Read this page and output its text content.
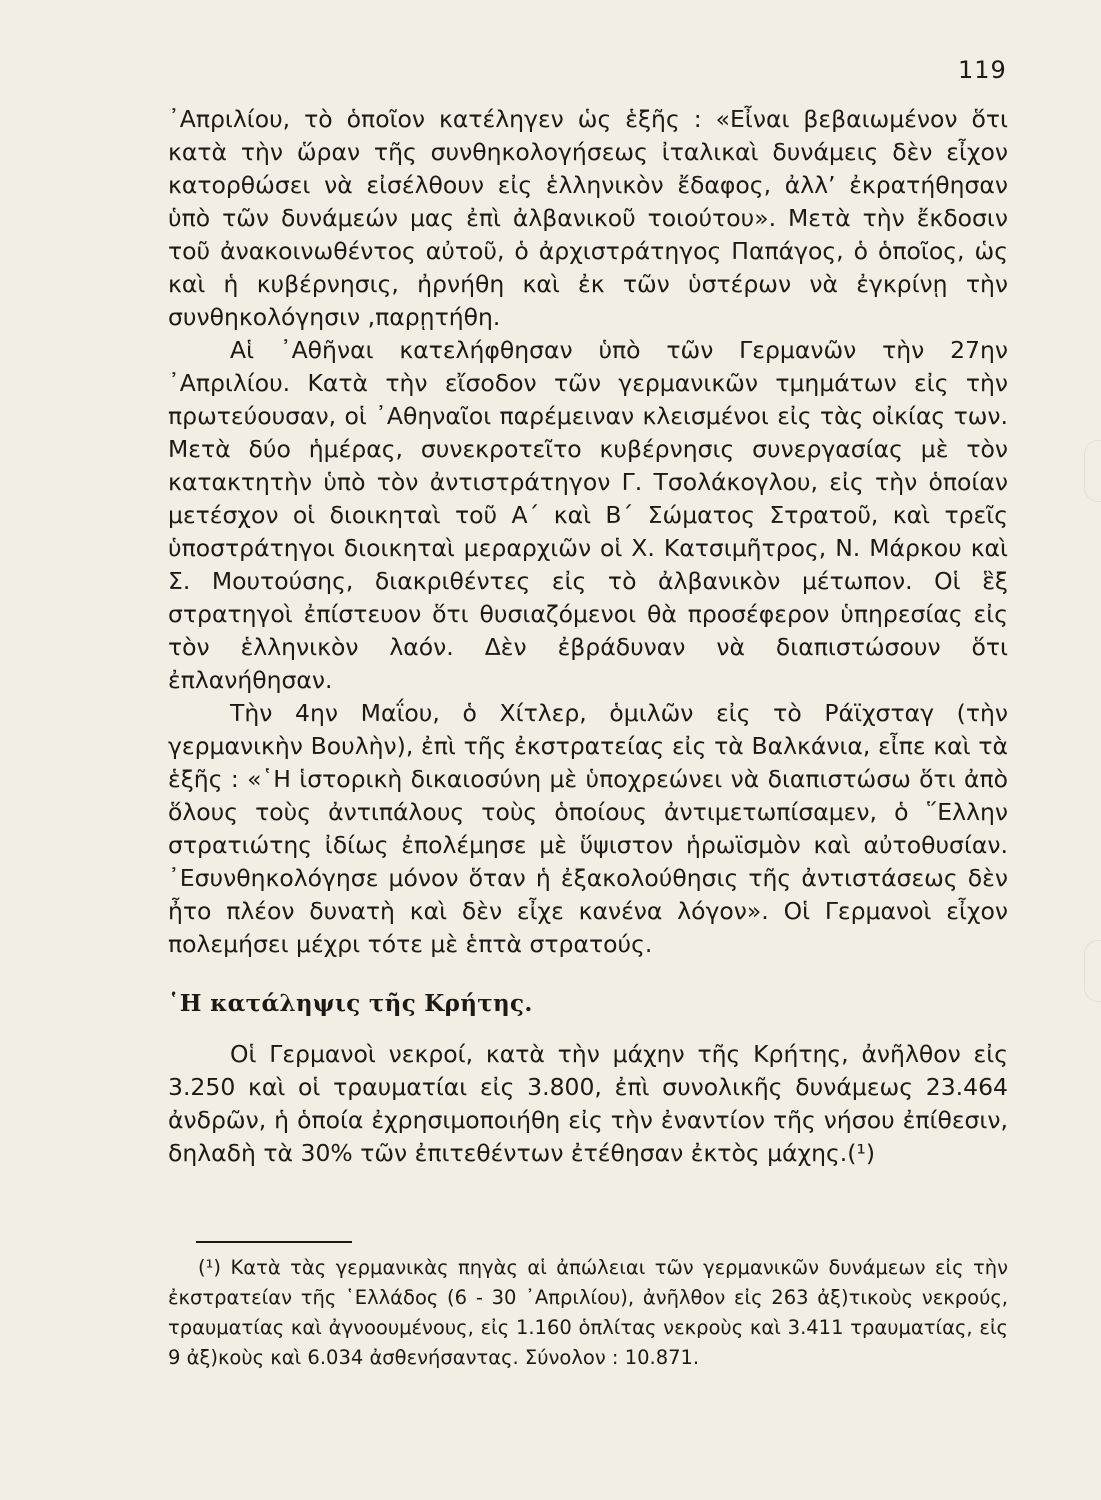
119

᾿Απριλίου, τὸ ὁποῖον κατέληγεν ὡς ἑξῆς : «Εἶναι βεβαιωμένον ὅτι κατὰ τὴν ὥραν τῆς συνθηκολογήσεως ἰταλικαὶ δυνάμεις δὲν εἶχον κατορθώσει νὰ εἰσέλθουν εἰς ἑλληνικὸν ἔδαφος, ἀλλ’ ἐκρατήθησαν ὑπὸ τῶν δυνάμεών μας ἐπὶ ἀλβανικοῦ τοιούτου». Μετὰ τὴν ἔκδοσιν τοῦ ἀνακοινωθέντος αὐτοῦ, ὁ ἀρχιστράτηγος Παπάγος, ὁ ὁποῖος, ὡς καὶ ἡ κυβέρνησις, ἠρνήθη καὶ ἐκ τῶν ὑστέρων νὰ ἐγκρίνῃ τὴν συνθηκολόγησιν ,παρῃτήθη.

Αἱ ᾿Αθῆναι κατελήφθησαν ὑπὸ τῶν Γερμανῶν τὴν 27ην ᾿Απριλίου. Κατὰ τὴν εἴσοδον τῶν γερμανικῶν τμημάτων εἰς τὴν πρωτεύουσαν, οἱ ᾿Αθηναῖοι παρέμειναν κλεισμένοι εἰς τὰς οἰκίας των. Μετὰ δύο ἡμέρας, συνεκροτεῖτο κυβέρνησις συνεργασίας μὲ τὸν κατακτητὴν ὑπὸ τὸν ἀντιστράτηγον Γ. Τσολάκογλου, εἰς τὴν ὁποίαν μετέσχον οἱ διοικηταὶ τοῦ Α΄ καὶ Β΄ Σώματος Στρατοῦ, καὶ τρεῖς ὑποστράτηγοι διοικηταὶ μεραρχιῶν οἱ Χ. Κατσιμῆτρος, Ν. Μάρκου καὶ Σ. Μουτούσης, διακριθέντες εἰς τὸ ἀλβανικὸν μέτωπον. Οἱ ἓξ στρατηγοὶ ἐπίστευον ὅτι θυσιαζόμενοι θὰ προσέφερον ὑπηρεσίας εἰς τὸν ἑλληνικὸν λαόν. Δὲν ἐβράδυναν νὰ διαπιστώσουν ὅτι ἐπλανήθησαν.

Τὴν 4ην Μαΐου, ὁ Χίτλερ, ὁμιλῶν εἰς τὸ Ράϊχσταγ (τὴν γερμανικὴν Βουλὴν), ἐπὶ τῆς ἐκστρατείας εἰς τὰ Βαλκάνια, εἶπε καὶ τὰ ἑξῆς : «῾Η ἱστορικὴ δικαιοσύνη μὲ ὑποχρεώνει νὰ διαπιστώσω ὅτι ἀπὸ ὅλους τοὺς ἀντιπάλους τοὺς ὁποίους ἀντιμετωπίσαμεν, ὁ ῞Ελλην στρατιώτης ἰδίως ἐπολέμησε μὲ ὕψιστον ἡρωϊσμὸν καὶ αὐτοθυσίαν. ᾿Εσυνθηκολόγησε μόνον ὅταν ἡ ἐξακολούθησις τῆς ἀντιστάσεως δὲν ἦτο πλέον δυνατὴ καὶ δὲν εἶχε κανένα λόγον». Οἱ Γερμανοὶ εἶχον πολεμήσει μέχρι τότε μὲ ἑπτὰ στρατούς.

῾Η κατάληψις τῆς Κρήτης.

Οἱ Γερμανοὶ νεκροί, κατὰ τὴν μάχην τῆς Κρήτης, ἀνῆλθον εἰς 3.250 καὶ οἱ τραυματίαι εἰς 3.800, ἐπὶ συνολικῆς δυνάμεως 23.464 ἀνδρῶν, ἡ ὁποία ἐχρησιμοποιήθη εἰς τὴν ἐναντίον τῆς νήσου ἐπίθεσιν, δηλαδὴ τὰ 30% τῶν ἐπιτεθέντων ἐτέθησαν ἐκτὸς μάχης.(¹)

(¹) Κατὰ τὰς γερμανικὰς πηγὰς αἱ ἀπώλειαι τῶν γερμανικῶν δυνάμεων εἰς τὴν ἐκστρατείαν τῆς ῾Ελλάδος (6 - 30 ᾿Απριλίου), ἀνῆλθον εἰς 263 ἀξ)τικοὺς νεκρούς, τραυματίας καὶ ἀγνοουμένους, εἰς 1.160 ὁπλίτας νεκροὺς καὶ 3.411 τραυματίας, εἰς 9 ἀξ)κοὺς καὶ 6.034 ἀσθενήσαντας. Σύνολον : 10.871.
